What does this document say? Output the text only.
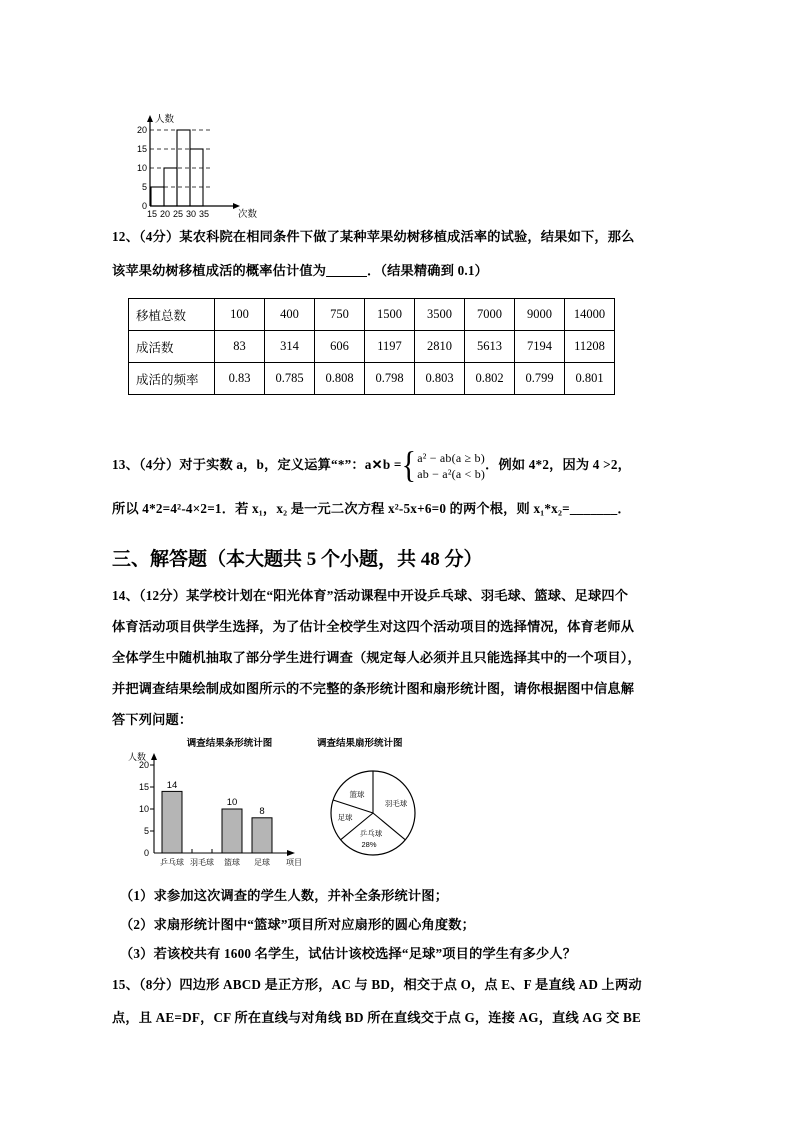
人数
次数
0
5
10
15
20
15 20 25 30 35
12、（4分）某农科院在相同条件下做了某种苹果幼树移植成活率的试验，结果如下，那么
该苹果幼树移植成活的概率估计值为______．（结果精确到 0.1）
移植总数	100	400	750	1500	3500	7000	9000	14000
成活数	83	314	606	1197	2810	5613	7194	11208
成活的频率	0.83	0.785	0.808	0.798	0.803	0.802	0.799	0.801
13、（4分）对于实数 a，b，定义运算“*”：a✕b = { a² − ab(a ≥ b)
ab − a²(a < b)
．例如 4*2，因为 4 >2，
所以 4*2=4²-4×2=1．若 x₁，x₂ 是一元二次方程 x²-5x+6=0 的两个根，则 x₁*x₂=_______．
三、解答题（本大题共 5 个小题，共 48 分）
14、（12分）某学校计划在“阳光体育”活动课程中开设乒乓球、羽毛球、篮球、足球四个
体育活动项目供学生选择，为了估计全校学生对这四个活动项目的选择情况，体育老师从
全体学生中随机抽取了部分学生进行调查（规定每人必须并且只能选择其中的一个项目），
并把调查结果绘制成如图所示的不完整的条形统计图和扇形统计图，请你根据图中信息解
答下列问题：
调查结果条形统计图
0
5
10
15
20
人数
14
10
8
乒乓球 羽毛球 篮球 足球 项目
调查结果扇形统计图
羽毛球
乒乓球
28%
足球
篮球
（1）求参加这次调查的学生人数，并补全条形统计图；
（2）求扇形统计图中“篮球”项目所对应扇形的圆心角度数；
（3）若该校共有 1600 名学生，试估计该校选择“足球”项目的学生有多少人？
15、（8分）四边形 ABCD 是正方形，AC 与 BD，相交于点 O，点 E、F 是直线 AD 上两动
点，且 AE=DF，CF 所在直线与对角线 BD 所在直线交于点 G，连接 AG，直线 AG 交 BE
